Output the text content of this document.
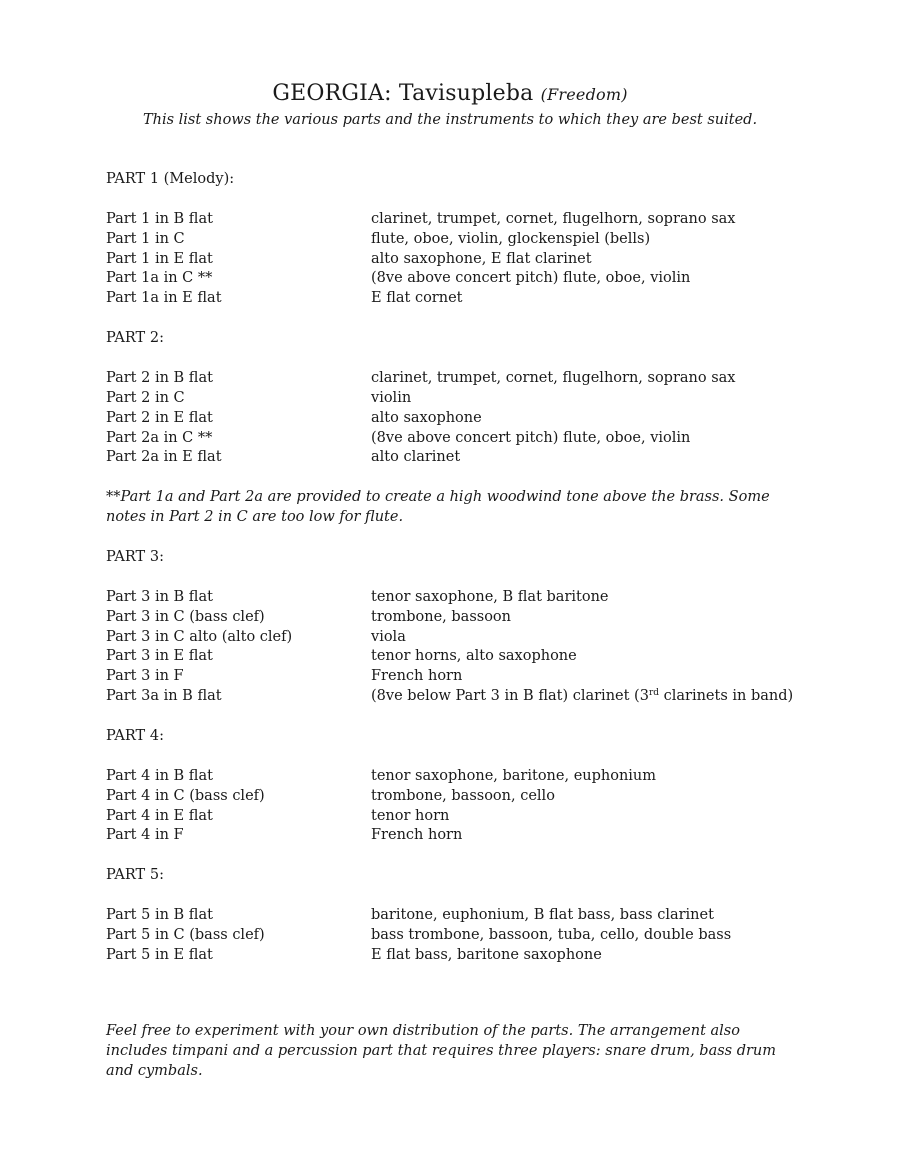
GEORGIA: Tavisupleba (Freedom)
This list shows the various parts and the instruments to which they are best suited.
PART 1 (Melody):
Part 1 in B flat	clarinet, trumpet, cornet, flugelhorn, soprano sax
Part 1 in C	flute, oboe, violin, glockenspiel (bells)
Part 1 in E flat	alto saxophone, E flat clarinet
Part 1a in C **	(8ve above concert pitch) flute, oboe, violin
Part 1a in E flat	E flat cornet
PART 2:
Part 2 in B flat	clarinet, trumpet, cornet, flugelhorn, soprano sax
Part 2 in C	violin
Part 2 in E flat	alto saxophone
Part 2a in C **	(8ve above concert pitch) flute, oboe, violin
Part 2a in E flat	alto clarinet
**Part 1a and Part 2a are provided to create a high woodwind tone above the brass. Some notes in Part 2 in C are too low for flute.
PART 3:
Part 3 in B flat	tenor saxophone, B flat baritone
Part 3 in C (bass clef)	trombone, bassoon
Part 3 in C alto (alto clef)	viola
Part 3 in E flat	tenor horns, alto saxophone
Part 3 in F	French horn
Part 3a in B flat	(8ve below Part 3 in B flat) clarinet (3rd clarinets in band)
PART 4:
Part 4 in B flat	tenor saxophone, baritone, euphonium
Part 4 in C (bass clef)	trombone, bassoon, cello
Part 4 in E flat	tenor horn
Part 4 in F	French horn
PART 5:
Part 5 in B flat	baritone, euphonium, B flat bass, bass clarinet
Part 5 in C (bass clef)	bass trombone, bassoon, tuba, cello, double bass
Part 5 in E flat	E flat bass, baritone saxophone
Feel free to experiment with your own distribution of the parts. The arrangement also includes timpani and a percussion part that requires three players: snare drum, bass drum and cymbals.
